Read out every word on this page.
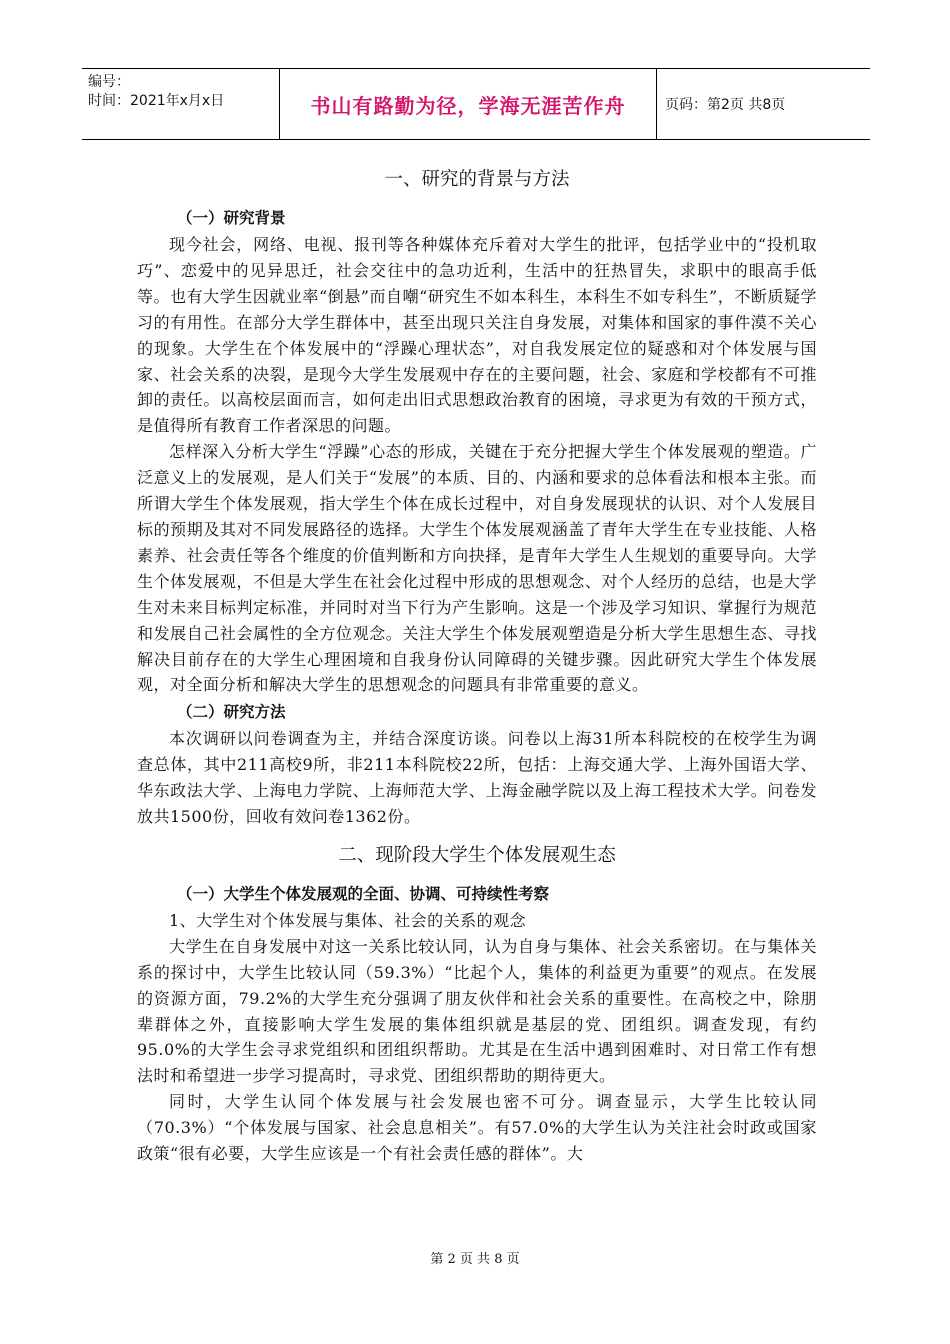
编号：
时间：2021年x月x日	书山有路勤为径，学海无涯苦作舟	页码：第2页 共8页
一、研究的背景与方法
（一）研究背景

现今社会，网络、电视、报刊等各种媒体充斥着对大学生的批评，包括学业中的“投机取巧”、恋爱中的见异思迁，社会交往中的急功近利，生活中的狂热冒失，求职中的眼高手低等。也有大学生因就业率“倒悬”而自嘲“研究生不如本科生，本科生不如专科生”，不断质疑学习的有用性。在部分大学生群体中，甚至出现只关注自身发展，对集体和国家的事件漠不关心的现象。大学生在个体发展中的“浮躁心理状态”，对自我发展定位的疑惑和对个体发展与国家、社会关系的决裂，是现今大学生发展观中存在的主要问题，社会、家庭和学校都有不可推卸的责任。以高校层面而言，如何走出旧式思想政治教育的困境，寻求更为有效的干预方式，是值得所有教育工作者深思的问题。

怎样深入分析大学生“浮躁”心态的形成，关键在于充分把握大学生个体发展观的塑造。广泛意义上的发展观，是人们关于“发展”的本质、目的、内涵和要求的总体看法和根本主张。而所谓大学生个体发展观，指大学生个体在成长过程中，对自身发展现状的认识、对个人发展目标的预期及其对不同发展路径的选择。大学生个体发展观涵盖了青年大学生在专业技能、人格素养、社会责任等各个维度的价值判断和方向抉择，是青年大学生人生规划的重要导向。大学生个体发展观，不但是大学生在社会化过程中形成的思想观念、对个人经历的总结，也是大学生对未来目标判定标准，并同时对当下行为产生影响。这是一个涉及学习知识、掌握行为规范和发展自己社会属性的全方位观念。关注大学生个体发展观塑造是分析大学生思想生态、寻找解决目前存在的大学生心理困境和自我身份认同障碍的关键步骤。因此研究大学生个体发展观，对全面分析和解决大学生的思想观念的问题具有非常重要的意义。

（二）研究方法

本次调研以问卷调查为主，并结合深度访谈。问卷以上海31所本科院校的在校学生为调查总体，其中211高校9所，非211本科院校22所，包括：上海交通大学、上海外国语大学、华东政法大学、上海电力学院、上海师范大学、上海金融学院以及上海工程技术大学。问卷发放共1500份，回收有效问卷1362份。

二、现阶段大学生个体发展观生态
（一）大学生个体发展观的全面、协调、可持续性考察

1、大学生对个体发展与集体、社会的关系的观念

大学生在自身发展中对这一关系比较认同，认为自身与集体、社会关系密切。在与集体关系的探讨中，大学生比较认同（59.3%）“比起个人，集体的利益更为重要”的观点。在发展的资源方面，79.2%的大学生充分强调了朋友伙伴和社会关系的重要性。在高校之中，除朋辈群体之外，直接影响大学生发展的集体组织就是基层的党、团组织。调查发现，有约95.0%的大学生会寻求党组织和团组织帮助。尤其是在生活中遇到困难时、对日常工作有想法时和希望进一步学习提高时，寻求党、团组织帮助的期待更大。

同时，大学生认同个体发展与社会发展也密不可分。调查显示，大学生比较认同（70.3%）“个体发展与国家、社会息息相关”。有57.0%的大学生认为关注社会时政或国家政策“很有必要，大学生应该是一个有社会责任感的群体”。大

第 2 页 共 8 页
